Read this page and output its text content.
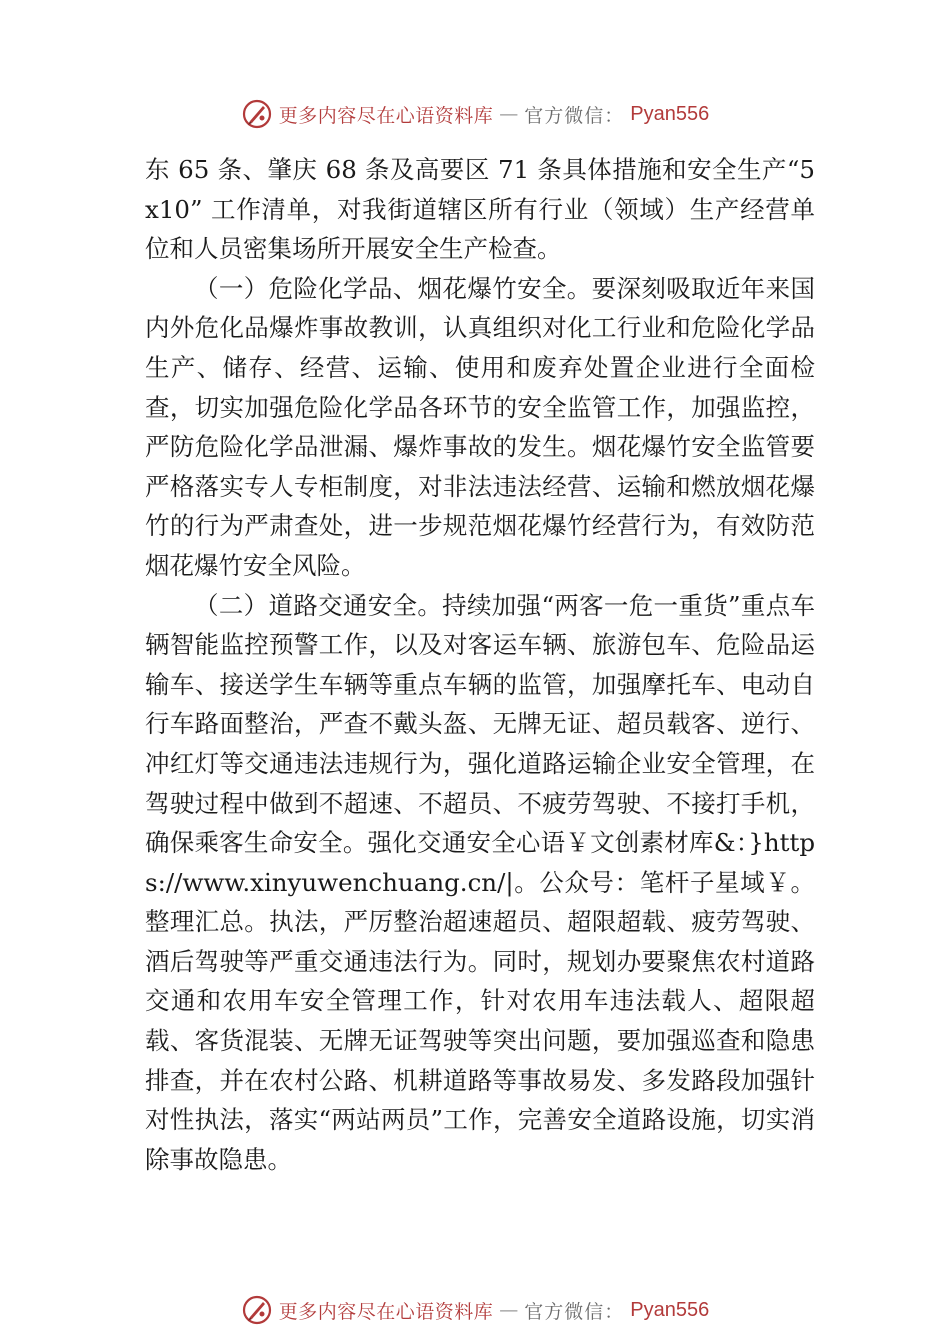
更多内容尽在心语资料库 — 官方微信： Pyan556

东 65 条、肇庆 68 条及高要区 71 条具体措施和安全生产“5x10” 工作清单，对我街道辖区所有行业（领域）生产经营单位和人员密集场所开展安全生产检查。

（一）危险化学品、烟花爆竹安全。要深刻吸取近年来国内外危化品爆炸事故教训，认真组织对化工行业和危险化学品生产、储存、经营、运输、使用和废弃处置企业进行全面检查，切实加强危险化学品各环节的安全监管工作，加强监控，严防危险化学品泄漏、爆炸事故的发生。烟花爆竹安全监管要严格落实专人专柜制度，对非法违法经营、运输和燃放烟花爆竹的行为严肃查处，进一步规范烟花爆竹经营行为，有效防范烟花爆竹安全风险。

（二）道路交通安全。持续加强“两客一危一重货”重点车辆智能监控预警工作，以及对客运车辆、旅游包车、危险品运输车、接送学生车辆等重点车辆的监管，加强摩托车、电动自行车路面整治，严查不戴头盔、无牌无证、超员载客、逆行、冲红灯等交通违法违规行为，强化道路运输企业安全管理，在驾驶过程中做到不超速、不超员、不疲劳驾驶、不接打手机，确保乘客生命安全。强化交通安全心语￥文创素材库&：}https://www.xinyuwenchuang.cn/|。公众号：笔杆子星域￥。整理汇总。执法，严厉整治超速超员、超限超载、疲劳驾驶、酒后驾驶等严重交通违法行为。同时，规划办要聚焦农村道路交通和农用车安全管理工作，针对农用车违法载人、超限超载、客货混装、无牌无证驾驶等突出问题，要加强巡查和隐患排查，并在农村公路、机耕道路等事故易发、多发路段加强针对性执法，落实“两站两员”工作，完善安全道路设施，切实消除事故隐患。

更多内容尽在心语资料库 — 官方微信： Pyan556
